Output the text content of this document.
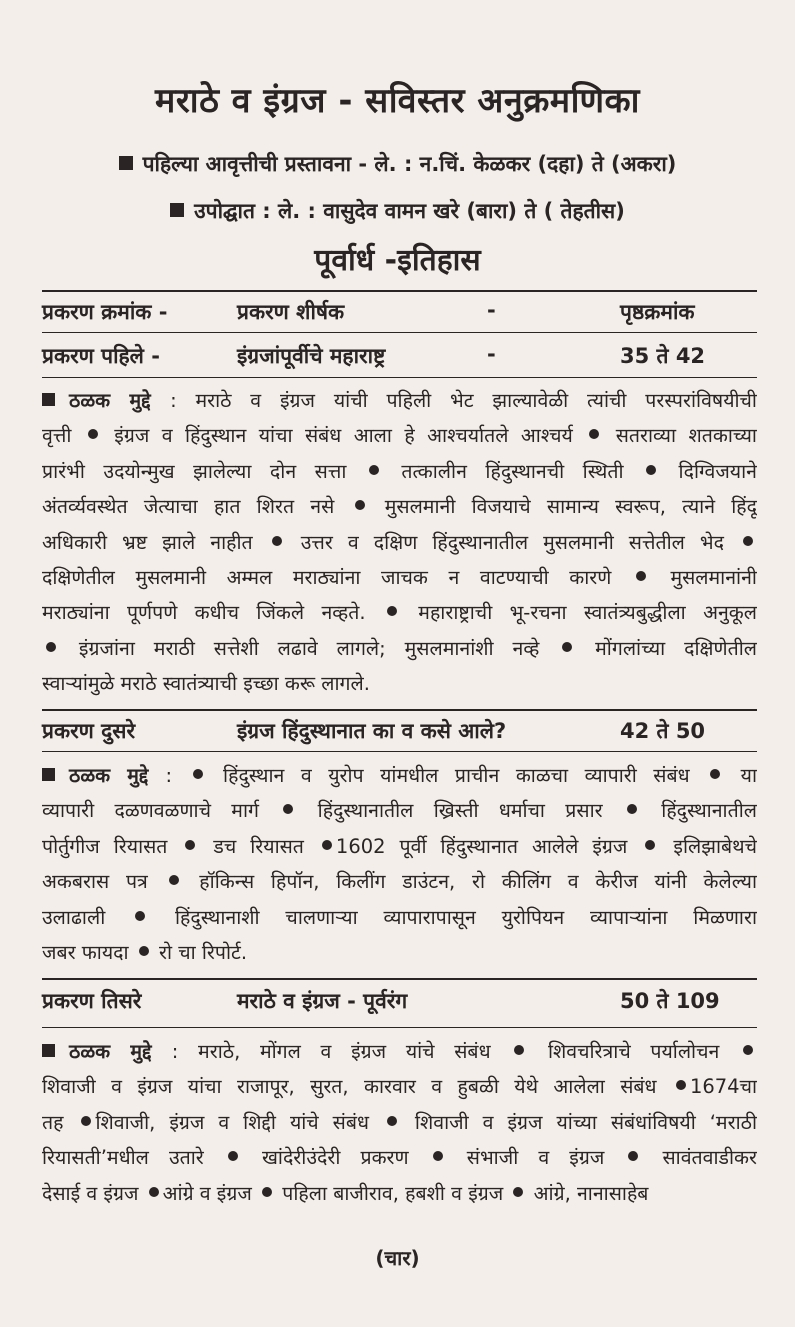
मराठे व इंग्रज - सविस्तर अनुक्रमणिका
पहिल्या आवृत्तीची प्रस्तावना - ले. : न.चिं. केळकर (दहा) ते (अकरा)
उपोद्घात : ले. : वासुदेव वामन खरे (बारा) ते ( तेहतीस)
पूर्वार्ध -इतिहास
प्रकरण क्रमांक -	प्रकरण शीर्षक	-	पृष्ठक्रमांक
प्रकरण पहिले -	इंग्रजांपूर्वीचे महाराष्ट्र	-	35 ते 42
ठळक मुद्दे : मराठे व इंग्रज यांची पहिली भेट झाल्यावेळी त्यांची परस्परांविषयीची
वृत्ती  इंग्रज व हिंदुस्थान यांचा संबंध आला हे आश्चर्यातले आश्चर्य  सतराव्या शतकाच्या
प्रारंभी उदयोन्मुख झालेल्या दोन सत्ता  तत्कालीन हिंदुस्थानची स्थिती  दिग्विजयाने
अंतर्व्यवस्थेत जेत्याचा हात शिरत नसे  मुसलमानी विजयाचे सामान्य स्वरूप, त्याने हिंदू
अधिकारी भ्रष्ट झाले नाहीत  उत्तर व दक्षिण हिंदुस्थानातील मुसलमानी सत्तेतील भेद
दक्षिणेतील मुसलमानी अम्मल मराठ्यांना जाचक न वाटण्याची कारणे  मुसलमानांनी
मराठ्यांना पूर्णपणे कधीच जिंकले नव्हते.  महाराष्ट्राची भू-रचना स्वातंत्र्यबुद्धीला अनुकूल
इंग्रजांना मराठी सत्तेशी लढावे लागले; मुसलमानांशी नव्हे  मोंगलांच्या दक्षिणेतील
स्वाऱ्यांमुळे मराठे स्वातंत्र्याची इच्छा करू लागले.
प्रकरण दुसरे	इंग्रज हिंदुस्थानात का व कसे आले?	42 ते 50
ठळक मुद्दे :  हिंदुस्थान व युरोप यांमधील प्राचीन काळचा व्यापारी संबंध  या
व्यापारी दळणवळणाचे मार्ग  हिंदुस्थानातील ख्रिस्ती धर्माचा प्रसार  हिंदुस्थानातील
पोर्तुगीज रियासत  डच रियासत 1602 पूर्वी हिंदुस्थानात आलेले इंग्रज  इलिझाबेथचे
अकबरास पत्र  हॉकिन्स हिपॉन, किलींग डाउंटन, रो कीलिंग व केरीज यांनी केलेल्या
उलाढाली  हिंदुस्थानाशी चालणाऱ्या व्यापारापासून युरोपियन व्यापाऱ्यांना मिळणारा
जबर फायदा  रो चा रिपोर्ट.
प्रकरण तिसरे	मराठे व इंग्रज - पूर्वरंग	50 ते 109
ठळक मुद्दे : मराठे, मोंगल व इंग्रज यांचे संबंध  शिवचरित्राचे पर्यालोचन
शिवाजी व इंग्रज यांचा राजापूर, सुरत, कारवार व हुबळी येथे आलेला संबंध 1674चा
तह शिवाजी, इंग्रज व शिद्दी यांचे संबंध  शिवाजी व इंग्रज यांच्या संबंधांविषयी ‘मराठी
रियासती’मधील उतारे  खांदेरीउंदेरी प्रकरण  संभाजी व इंग्रज  सावंतवाडीकर
देसाई व इंग्रज आंग्रे व इंग्रज  पहिला बाजीराव, हबशी व इंग्रज  आंग्रे, नानासाहेब
(चार)
